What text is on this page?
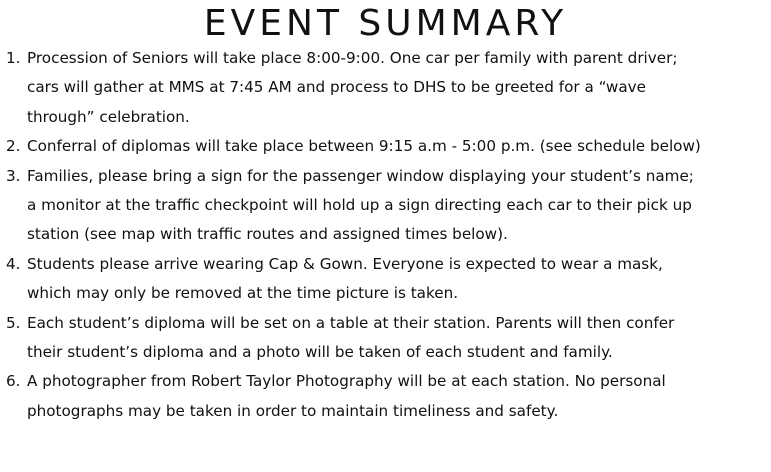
EVENT SUMMARY
1. Procession of Seniors will take place 8:00-9:00. One car per family with parent driver;
cars will gather at MMS at 7:45 AM and process to DHS to be greeted for a “wave
through” celebration.
2. Conferral of diplomas will take place between 9:15 a.m - 5:00 p.m. (see schedule below)
3. Families, please bring a sign for the passenger window displaying your student’s name;
a monitor at the traffic checkpoint will hold up a sign directing each car to their pick up
station (see map with traffic routes and assigned times below).
4. Students please arrive wearing Cap & Gown. Everyone is expected to wear a mask,
which may only be removed at the time picture is taken.
5. Each student’s diploma will be set on a table at their station. Parents will then confer
their student’s diploma and a photo will be taken of each student and family.
6. A photographer from Robert Taylor Photography will be at each station. No personal
photographs may be taken in order to maintain timeliness and safety.
